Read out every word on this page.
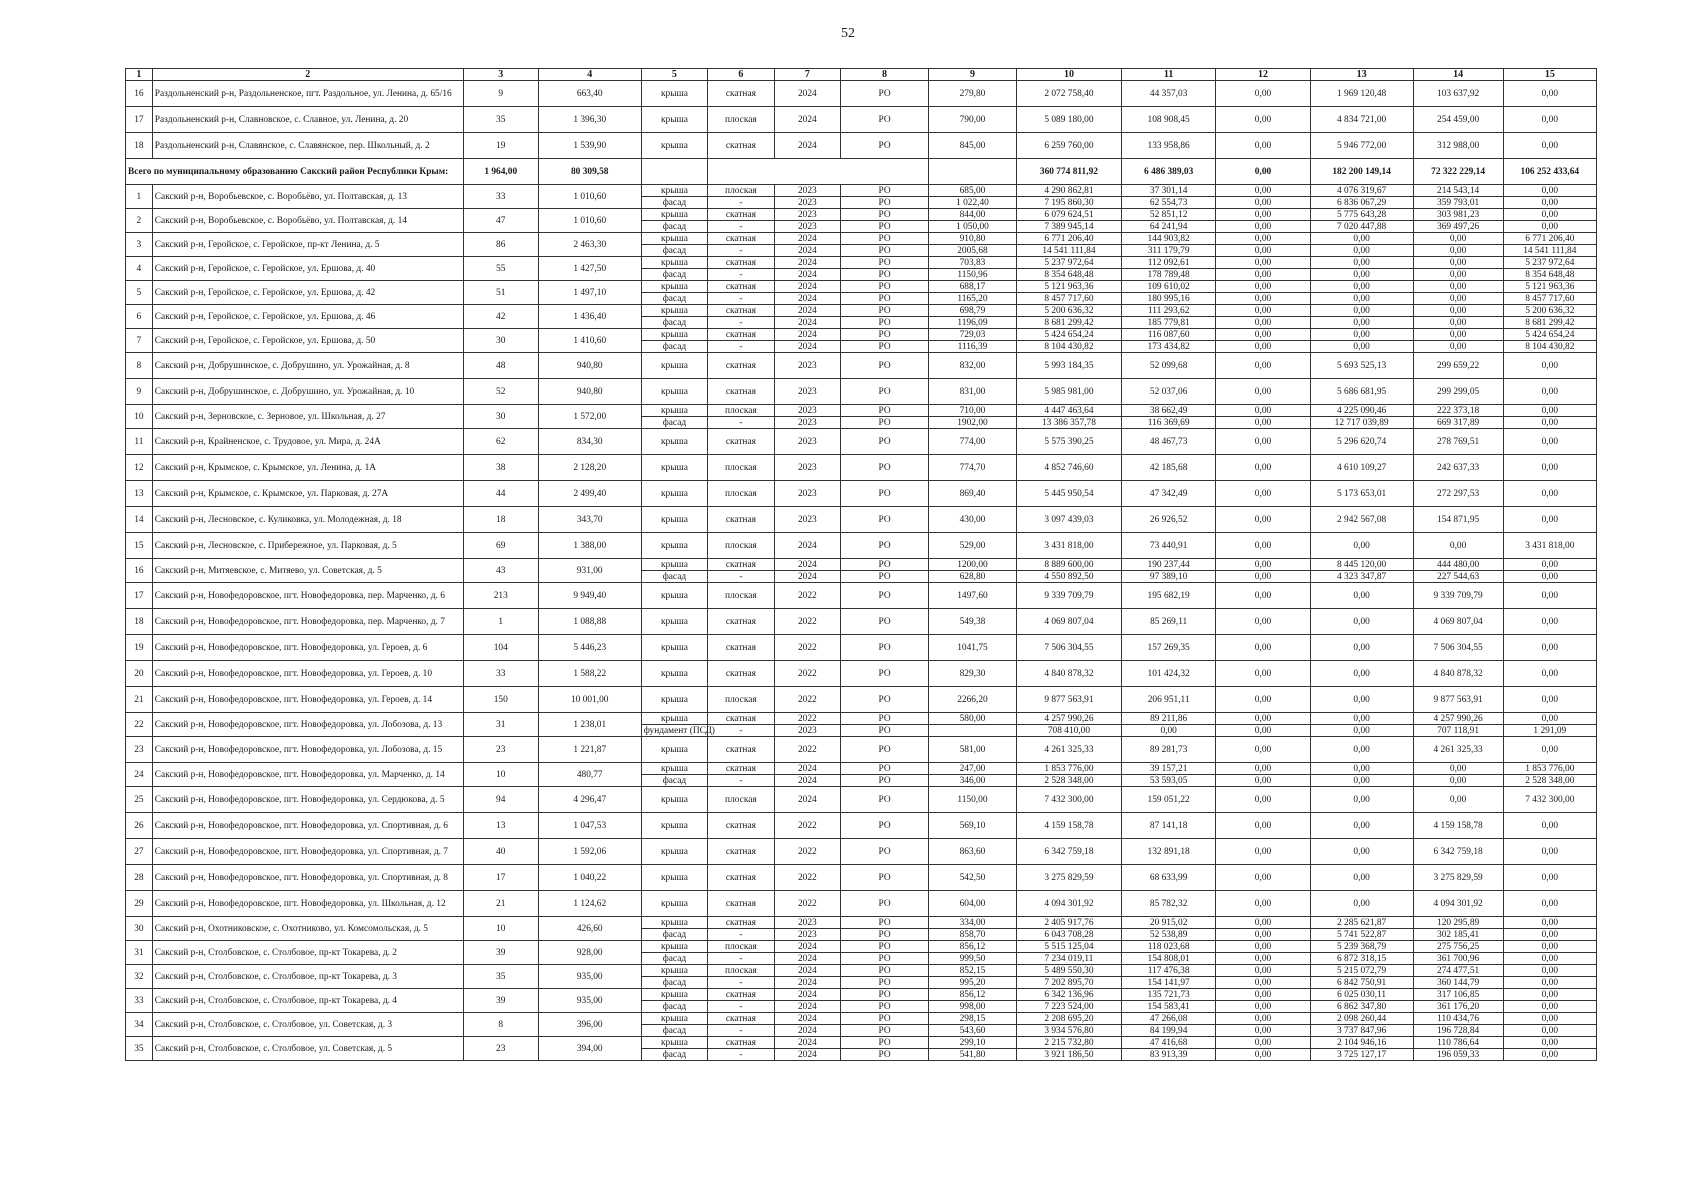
52
1	2	3	4	5	6	7	8	9	10	11	12	13	14	15
16	Раздольненский р-н, Раздольненское, пгт. Раздольное, ул. Ленина, д. 65/16	9	663,40	крыша	скатная	2024	РО	279,80	2 072 758,40	44 357,03	0,00	1 969 120,48	103 637,92	0,00
17	Раздольненский р-н, Славновское, с. Славное, ул. Ленина, д. 20	35	1 396,30	крыша	плоская	2024	РО	790,00	5 089 180,00	108 908,45	0,00	4 834 721,00	254 459,00	0,00
18	Раздольненский р-н, Славянское, с. Славянское, пер. Школьный, д. 2	19	1 539,90	крыша	скатная	2024	РО	845,00	6 259 760,00	133 958,86	0,00	5 946 772,00	312 988,00	0,00
Всего по муниципальному образованию Сакский район Республики Крым:		1 964,00	80 309,58						360 774 811,92	6 486 389,03	0,00	182 200 149,14	72 322 229,14	106 252 433,64
1	Сакский р-н, Воробьевское, с. Воробьёво, ул. Полтавская, д. 13	33	1 010,60	крыша	плоская	2023	РО	685,00	4 290 862,81	37 301,14	0,00	4 076 319,67	214 543,14	0,00
				фасад	-	2023	РО	1 022,40	7 195 860,30	62 554,73	0,00	6 836 067,29	359 793,01	0,00
2	Сакский р-н, Воробьевское, с. Воробьёво, ул. Полтавская, д. 14	47	1 010,60	крыша	скатная	2023	РО	844,00	6 079 624,51	52 851,12	0,00	5 775 643,28	303 981,23	0,00
				фасад	-	2023	РО	1 050,00	7 389 945,14	64 241,94	0,00	7 020 447,88	369 497,26	0,00
3	Сакский р-н, Геройское, с. Геройское, пр-кт Ленина, д. 5	86	2 463,30	крыша	скатная	2024	РО	910,80	6 771 206,40	144 903,82	0,00	0,00	0,00	6 771 206,40
				фасад	-	2024	РО	2005,68	14 541 111,84	311 179,79	0,00	0,00	0,00	14 541 111,84
4	Сакский р-н, Геройское, с. Геройское, ул. Ершова, д. 40	55	1 427,50	крыша	скатная	2024	РО	703,83	5 237 972,64	112 092,61	0,00	0,00	0,00	5 237 972,64
				фасад	-	2024	РО	1150,96	8 354 648,48	178 789,48	0,00	0,00	0,00	8 354 648,48
5	Сакский р-н, Геройское, с. Геройское, ул. Ершова, д. 42	51	1 497,10	крыша	скатная	2024	РО	688,17	5 121 963,36	109 610,02	0,00	0,00	0,00	5 121 963,36
				фасад	-	2024	РО	1165,20	8 457 717,60	180 995,16	0,00	0,00	0,00	8 457 717,60
6	Сакский р-н, Геройское, с. Геройское, ул. Ершова, д. 46	42	1 436,40	крыша	скатная	2024	РО	698,79	5 200 636,32	111 293,62	0,00	0,00	0,00	5 200 636,32
				фасад	-	2024	РО	1196,09	8 681 299,42	185 779,81	0,00	0,00	0,00	8 681 299,42
7	Сакский р-н, Геройское, с. Геройское, ул. Ершова, д. 50	30	1 410,60	крыша	скатная	2024	РО	729,03	5 424 654,24	116 087,60	0,00	0,00	0,00	5 424 654,24
				фасад	-	2024	РО	1116,39	8 104 430,82	173 434,82	0,00	0,00	0,00	8 104 430,82
8	Сакский р-н, Добрушинское, с. Добрушино, ул. Урожайная, д. 8	48	940,80	крыша	скатная	2023	РО	832,00	5 993 184,35	52 099,68	0,00	5 693 525,13	299 659,22	0,00
9	Сакский р-н, Добрушинское, с. Добрушино, ул. Урожайная, д. 10	52	940,80	крыша	скатная	2023	РО	831,00	5 985 981,00	52 037,06	0,00	5 686 681,95	299 299,05	0,00
10	Сакский р-н, Зерновское, с. Зерновое, ул. Школьная, д. 27	30	1 572,00	крыша	плоская	2023	РО	710,00	4 447 463,64	38 662,49	0,00	4 225 090,46	222 373,18	0,00
				фасад	-	2023	РО	1902,00	13 386 357,78	116 369,69	0,00	12 717 039,89	669 317,89	0,00
11	Сакский р-н, Крайненское, с. Трудовое, ул. Мира, д. 24А	62	834,30	крыша	скатная	2023	РО	774,00	5 575 390,25	48 467,73	0,00	5 296 620,74	278 769,51	0,00
12	Сакский р-н, Крымское, с. Крымское, ул. Ленина, д. 1А	38	2 128,20	крыша	плоская	2023	РО	774,70	4 852 746,60	42 185,68	0,00	4 610 109,27	242 637,33	0,00
13	Сакский р-н, Крымское, с. Крымское, ул. Парковая, д. 27А	44	2 499,40	крыша	плоская	2023	РО	869,40	5 445 950,54	47 342,49	0,00	5 173 653,01	272 297,53	0,00
14	Сакский р-н, Лесновское, с. Куликовка, ул. Молодежная, д. 18	18	343,70	крыша	скатная	2023	РО	430,00	3 097 439,03	26 926,52	0,00	2 942 567,08	154 871,95	0,00
15	Сакский р-н, Лесновское, с. Прибережное, ул. Парковая, д. 5	69	1 388,00	крыша	плоская	2024	РО	529,00	3 431 818,00	73 440,91	0,00	0,00	0,00	3 431 818,00
16	Сакский р-н, Митяевское, с. Митяево, ул. Советская, д. 5	43	931,00	крыша	скатная	2024	РО	1200,00	8 889 600,00	190 237,44	0,00	8 445 120,00	444 480,00	0,00
				фасад	-	2024	РО	628,80	4 550 892,50	97 389,10	0,00	4 323 347,87	227 544,63	0,00
17	Сакский р-н, Новофедоровское, пгт. Новофедоровка, пер. Марченко, д. 6	213	9 949,40	крыша	плоская	2022	РО	1497,60	9 339 709,79	195 682,19	0,00	0,00	9 339 709,79	0,00
18	Сакский р-н, Новофедоровское, пгт. Новофедоровка, пер. Марченко, д. 7	1	1 088,88	крыша	скатная	2022	РО	549,38	4 069 807,04	85 269,11	0,00	0,00	4 069 807,04	0,00
19	Сакский р-н, Новофедоровское, пгт. Новофедоровка, ул. Героев, д. 6	104	5 446,23	крыша	скатная	2022	РО	1041,75	7 506 304,55	157 269,35	0,00	0,00	7 506 304,55	0,00
20	Сакский р-н, Новофедоровское, пгт. Новофедоровка, ул. Героев, д. 10	33	1 588,22	крыша	скатная	2022	РО	829,30	4 840 878,32	101 424,32	0,00	0,00	4 840 878,32	0,00
21	Сакский р-н, Новофедоровское, пгт. Новофедоровка, ул. Героев, д. 14	150	10 001,00	крыша	плоская	2022	РО	2266,20	9 877 563,91	206 951,11	0,00	0,00	9 877 563,91	0,00
22	Сакский р-н, Новофедоровское, пгт. Новофедоровка, ул. Лобозова, д. 13	31	1 238,01	крыша	скатная	2022	РО	580,00	4 257 990,26	89 211,86	0,00	0,00	4 257 990,26	0,00
				фундамент (ПСД)	-	2023	РО		708 410,00	0,00	0,00	0,00	707 118,91	1 291,09
23	Сакский р-н, Новофедоровское, пгт. Новофедоровка, ул. Лобозова, д. 15	23	1 221,87	крыша	скатная	2022	РО	581,00	4 261 325,33	89 281,73	0,00	0,00	4 261 325,33	0,00
24	Сакский р-н, Новофедоровское, пгт. Новофедоровка, ул. Марченко, д. 14	10	480,77	крыша	скатная	2024	РО	247,00	1 853 776,00	39 157,21	0,00	0,00	0,00	1 853 776,00
				фасад	-	2024	РО	346,00	2 528 348,00	53 593,05	0,00	0,00	0,00	2 528 348,00
25	Сакский р-н, Новофедоровское, пгт. Новофедоровка, ул. Сердюкова, д. 5	94	4 296,47	крыша	плоская	2024	РО	1150,00	7 432 300,00	159 051,22	0,00	0,00	0,00	7 432 300,00
26	Сакский р-н, Новофедоровское, пгт. Новофедоровка, ул. Спортивная, д. 6	13	1 047,53	крыша	скатная	2022	РО	569,10	4 159 158,78	87 141,18	0,00	0,00	4 159 158,78	0,00
27	Сакский р-н, Новофедоровское, пгт. Новофедоровка, ул. Спортивная, д. 7	40	1 592,06	крыша	скатная	2022	РО	863,60	6 342 759,18	132 891,18	0,00	0,00	6 342 759,18	0,00
28	Сакский р-н, Новофедоровское, пгт. Новофедоровка, ул. Спортивная, д. 8	17	1 040,22	крыша	скатная	2022	РО	542,50	3 275 829,59	68 633,99	0,00	0,00	3 275 829,59	0,00
29	Сакский р-н, Новофедоровское, пгт. Новофедоровка, ул. Школьная, д. 12	21	1 124,62	крыша	скатная	2022	РО	604,00	4 094 301,92	85 782,32	0,00	0,00	4 094 301,92	0,00
30	Сакский р-н, Охотниковское, с. Охотниково, ул. Комсомольская, д. 5	10	426,60	крыша	скатная	2023	РО	334,00	2 405 917,76	20 915,02	0,00	2 285 621,87	120 295,89	0,00
				фасад	-	2023	РО	858,70	6 043 708,28	52 538,89	0,00	5 741 522,87	302 185,41	0,00
31	Сакский р-н, Столбовское, с. Столбовое, пр-кт Токарева, д. 2	39	928,00	крыша	плоская	2024	РО	856,12	5 515 125,04	118 023,68	0,00	5 239 368,79	275 756,25	0,00
				фасад	-	2024	РО	999,50	7 234 019,11	154 808,01	0,00	6 872 318,15	361 700,96	0,00
32	Сакский р-н, Столбовское, с. Столбовое, пр-кт Токарева, д. 3	35	935,00	крыша	плоская	2024	РО	852,15	5 489 550,30	117 476,38	0,00	5 215 072,79	274 477,51	0,00
				фасад	-	2024	РО	995,20	7 202 895,70	154 141,97	0,00	6 842 750,91	360 144,79	0,00
33	Сакский р-н, Столбовское, с. Столбовое, пр-кт Токарева, д. 4	39	935,00	крыша	скатная	2024	РО	856,12	6 342 136,96	135 721,73	0,00	6 025 030,11	317 106,85	0,00
				фасад	-	2024	РО	998,00	7 223 524,00	154 583,41	0,00	6 862 347,80	361 176,20	0,00
34	Сакский р-н, Столбовское, с. Столбовое, ул. Советская, д. 3	8	396,00	крыша	скатная	2024	РО	298,15	2 208 695,20	47 266,08	0,00	2 098 260,44	110 434,76	0,00
				фасад	-	2024	РО	543,60	3 934 576,80	84 199,94	0,00	3 737 847,96	196 728,84	0,00
35	Сакский р-н, Столбовское, с. Столбовое, ул. Советская, д. 5	23	394,00	крыша	скатная	2024	РО	299,10	2 215 732,80	47 416,68	0,00	2 104 946,16	110 786,64	0,00
				фасад	-	2024	РО	541,80	3 921 186,50	83 913,39	0,00	3 725 127,17	196 059,33	0,00
